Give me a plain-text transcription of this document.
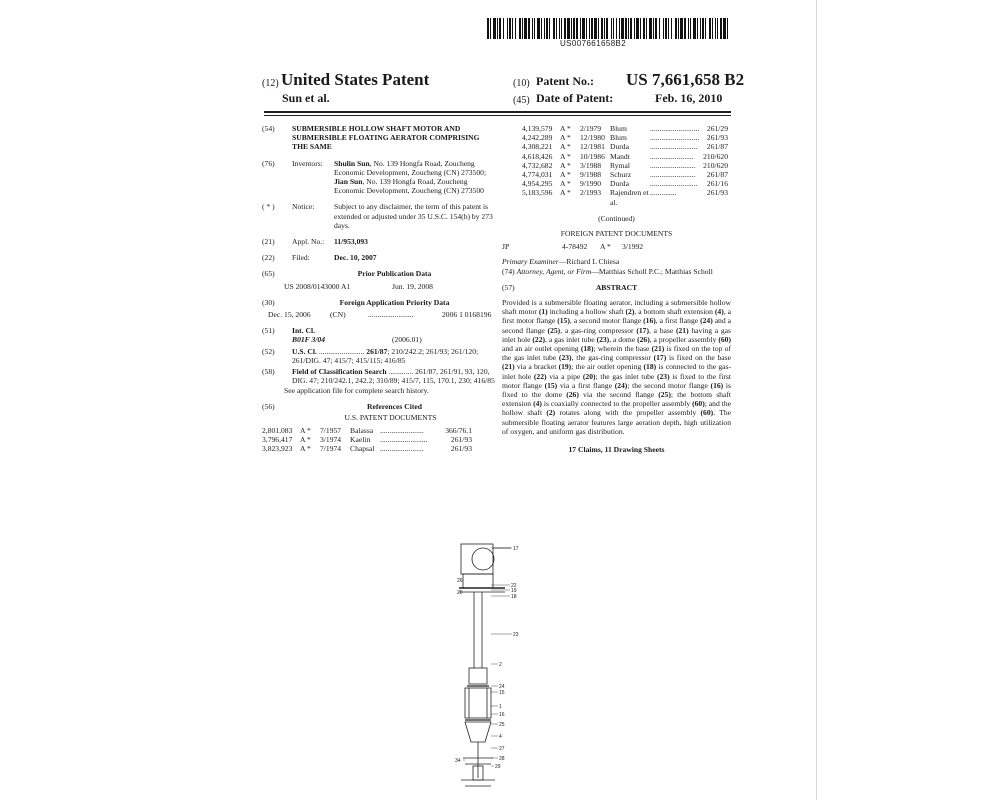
US007661658B2
(12) United States Patent
Sun et al.
(10) Patent No.: US 7,661,658 B2
(45) Date of Patent:	Feb. 16, 2010
(54)	SUBMERSIBLE HOLLOW SHAFT MOTOR AND SUBMERSIBLE FLOATING AERATOR COMPRISING THE SAME
(76)	Inventors:	Shulin Sun, No. 139 Hongfa Road, Zoucheng Economic Development, Zoucheng (CN) 273500; Jian Sun, No. 139 Hongfa Road, Zoucheng Economic Development, Zoucheng (CN) 273500
( * )	Notice:	Subject to any disclaimer, the term of this patent is extended or adjusted under 35 U.S.C. 154(b) by 273 days.
(21)	Appl. No.:	11/953,093
(22)	Filed:	Dec. 10, 2007
(65)	Prior Publication Data
US 2008/0143000 A1	Jun. 19, 2008
(30)	Foreign Application Priority Data
Dec. 15, 2006	(CN)	........................	2006 1 0168196
(51)	Int. Cl.
B01F 3/04	(2006.01)
(52)	U.S. Cl. ........................ 261/87; 210/242.2; 261/93; 261/120; 261/DIG. 47; 415/7; 415/115; 416/85
(58)	Field of Classification Search ............. 261/87, 261/91, 93, 120, DIG. 47; 210/242.1, 242.2; 310/89; 415/7, 115, 170.1, 230; 416/85
See application file for complete search history.
(56)	References Cited
U.S. PATENT DOCUMENTS
2,801,083	A *	7/1957	Balassa .......................	366/76.1
3,796,417	A *	3/1974	Kaelin	.........................	261/93
3,823,923	A *	7/1974	Chapsal .......................	261/93
4,139,579	A *	2/1979	Blum	.......................... 261/29
4,242,289	A *	12/1980 Blum	.......................... 261/93
4,308,221	A *	12/1981 Durda	.........................	261/87
4,618,426	A *	10/1986 Mandt	.......................	210/620
4,732,682	A *	3/1988	Rymal	........................ 210/620
4,774,031	A *	9/1988	Schurz	........................	261/87
4,954,295	A *	9/1990	Durda	.........................	261/16
5,183,596	A *	2/1993	Rajendren et al.
..............	261/93
(Continued)
FOREIGN PATENT DOCUMENTS
JP	4-78492	A *	3/1992
Primary Examiner—Richard L Chiesa
(74) Attorney, Agent, or Firm—Matthias Scholl P.C.; Matthias Scholl
(57)	ABSTRACT
Provided is a submersible floating aerator, including a submersible hollow shaft motor (1) including a hollow shaft (2), a bottom shaft extension (4), a first motor flange (15), a second motor flange (16), a first flange (24) and a second flange (25), a gas-ring compressor (17), a base (21) having a gas inlet hole (22), a gas inlet tube (23), a dome (26), a propeller assembly (60) and an air outlet opening (18); wherein the base (21) is fixed on the top of the gas inlet tube (23), the gas-ring compressor (17) is fixed on the base (21) via a bracket (19); the air outlet opening (18) is connected to the gas-inlet hole (22) via a pipe (20); the gas inlet tube (23) is fixed to the first motor flange (15) via a first flange (24); the second motor flange (16) is fixed to the dome (26) via the second flange (25); the bottom shaft extension (4) is coaxially connected to the propeller assembly (60); and the hollow shaft (2) rotates along with the propeller assembly (60). The submersible floating aerator features large aeration depth, high utilization of oxygen, and uniform gas distribution.
17 Claims, 11 Drawing Sheets
17
26
20
22
19
18
23
2
24
15
1
16
25
4
27
28
34
29
